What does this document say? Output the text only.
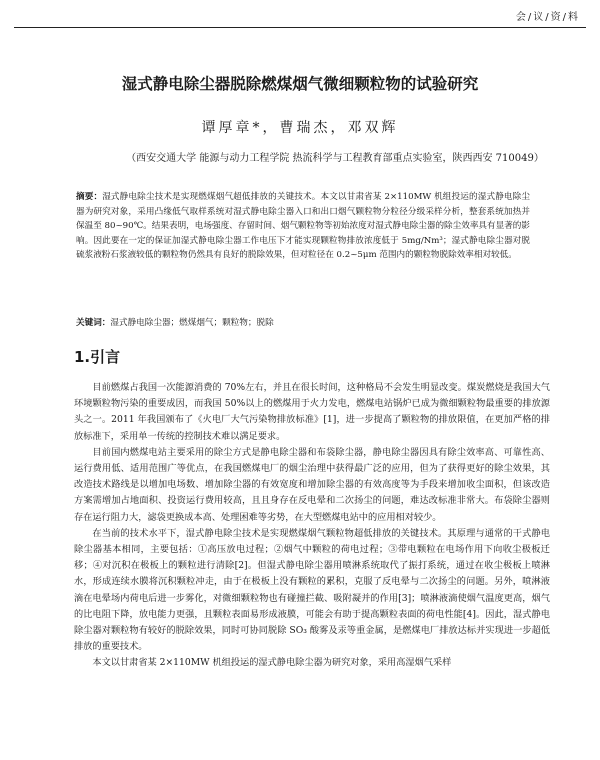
会/议/资/料
湿式静电除尘器脱除燃煤烟气微细颗粒物的试验研究
谭厚章*，曹瑞杰，邓双辉
（西安交通大学 能源与动力工程学院 热流科学与工程教育部重点实验室，陕西西安 710049）
摘要：湿式静电除尘技术是实现燃煤烟气超低排放的关键技术。本文以甘肃省某 2×110MW 机组投运的湿式静电除尘器为研究对象，采用凸缘低气取样系统对湿式静电除尘器入口和出口烟气颗粒物分粒径分级采样分析，整套系统加热并保温至 80~90℃。结果表明，电场强度、存留时间、烟气颗粒物等初始浓度对湿式静电除尘器的除尘效率具有显著的影响。因此要在一定的保证加湿式静电除尘器工作电压下才能实现颗粒物排放浓度低于 5mg/Nm³；湿式静电除尘器对脱硫浆液粉石浆液较低的颗粒物仍然具有良好的脱除效果，但对粒径在 0.2~5μm 范围内的颗粒物脱除效率相对较低。
关键词：湿式静电除尘器；燃煤烟气；颗粒物；脱除
1.引言

目前燃煤占我国一次能源消费的 70%左右，并且在很长时间，这种格局不会发生明显改变。煤炭燃烧是我国大气环境颗粒物污染的重要成因，而我国 50%以上的燃煤用于火力发电，燃煤电站锅炉已成为微细颗粒物最重要的排放源头之一。2011 年我国颁布了《火电厂大气污染物排放标准》[1]，进一步提高了颗粒物的排放限值，在更加严格的排放标准下，采用单一传统的控制技术难以满足要求。

目前国内燃煤电站主要采用的除尘方式是静电除尘器和布袋除尘器，静电除尘器因具有除尘效率高、可靠性高、运行费用低、适用范围广等优点，在我国燃煤电厂的烟尘治理中获得最广泛的应用，但为了获得更好的除尘效果，其改造技术路线是以增加电场数、增加除尘器的有效宽度和增加除尘器的有效高度等为手段来增加收尘面积，但该改造方案需增加占地面积、投资运行费用较高，且且身存在反电晕和二次扬尘的问题，难达改标准非常大。布袋除尘器则存在运行阻力大，滤袋更换成本高、处理困难等劣势，在大型燃煤电站中的应用相对较少。

在当前的技术水平下，湿式静电除尘技术是实现燃煤烟气颗粒物超低排放的关键技术。其原理与通常的干式静电除尘器基本相同，主要包括：①高压放电过程；②烟气中颗粒的荷电过程；③带电颗粒在电场作用下向收尘极板迁移；④对沉积在极板上的颗粒进行清除[2]。但湿式静电除尘器用喷淋系统取代了振打系统，通过在收尘极板上喷淋水，形成连续水膜将沉积颗粒冲走，由于在极板上没有颗粒的累积，克服了反电晕与二次扬尘的问题。另外，喷淋液滴在电晕场内荷电后进一步雾化，对微细颗粒物也有碰撞拦截、吸附凝并的作用[3]；喷淋液滴使烟气温度更高，烟气的比电阻下降，放电能力更强，且颗粒表面易形成液膜，可能会有助于提高颗粒表面的荷电性能[4]。因此，湿式静电除尘器对颗粒物有较好的脱除效果，同时可协同脱除 SO₃ 酸雾及汞等重金属，是燃煤电厂排放达标并实现进一步超低排放的重要技术。

本文以甘肃省某 2×110MW 机组投运的湿式静电除尘器为研究对象，采用高湿烟气采样
